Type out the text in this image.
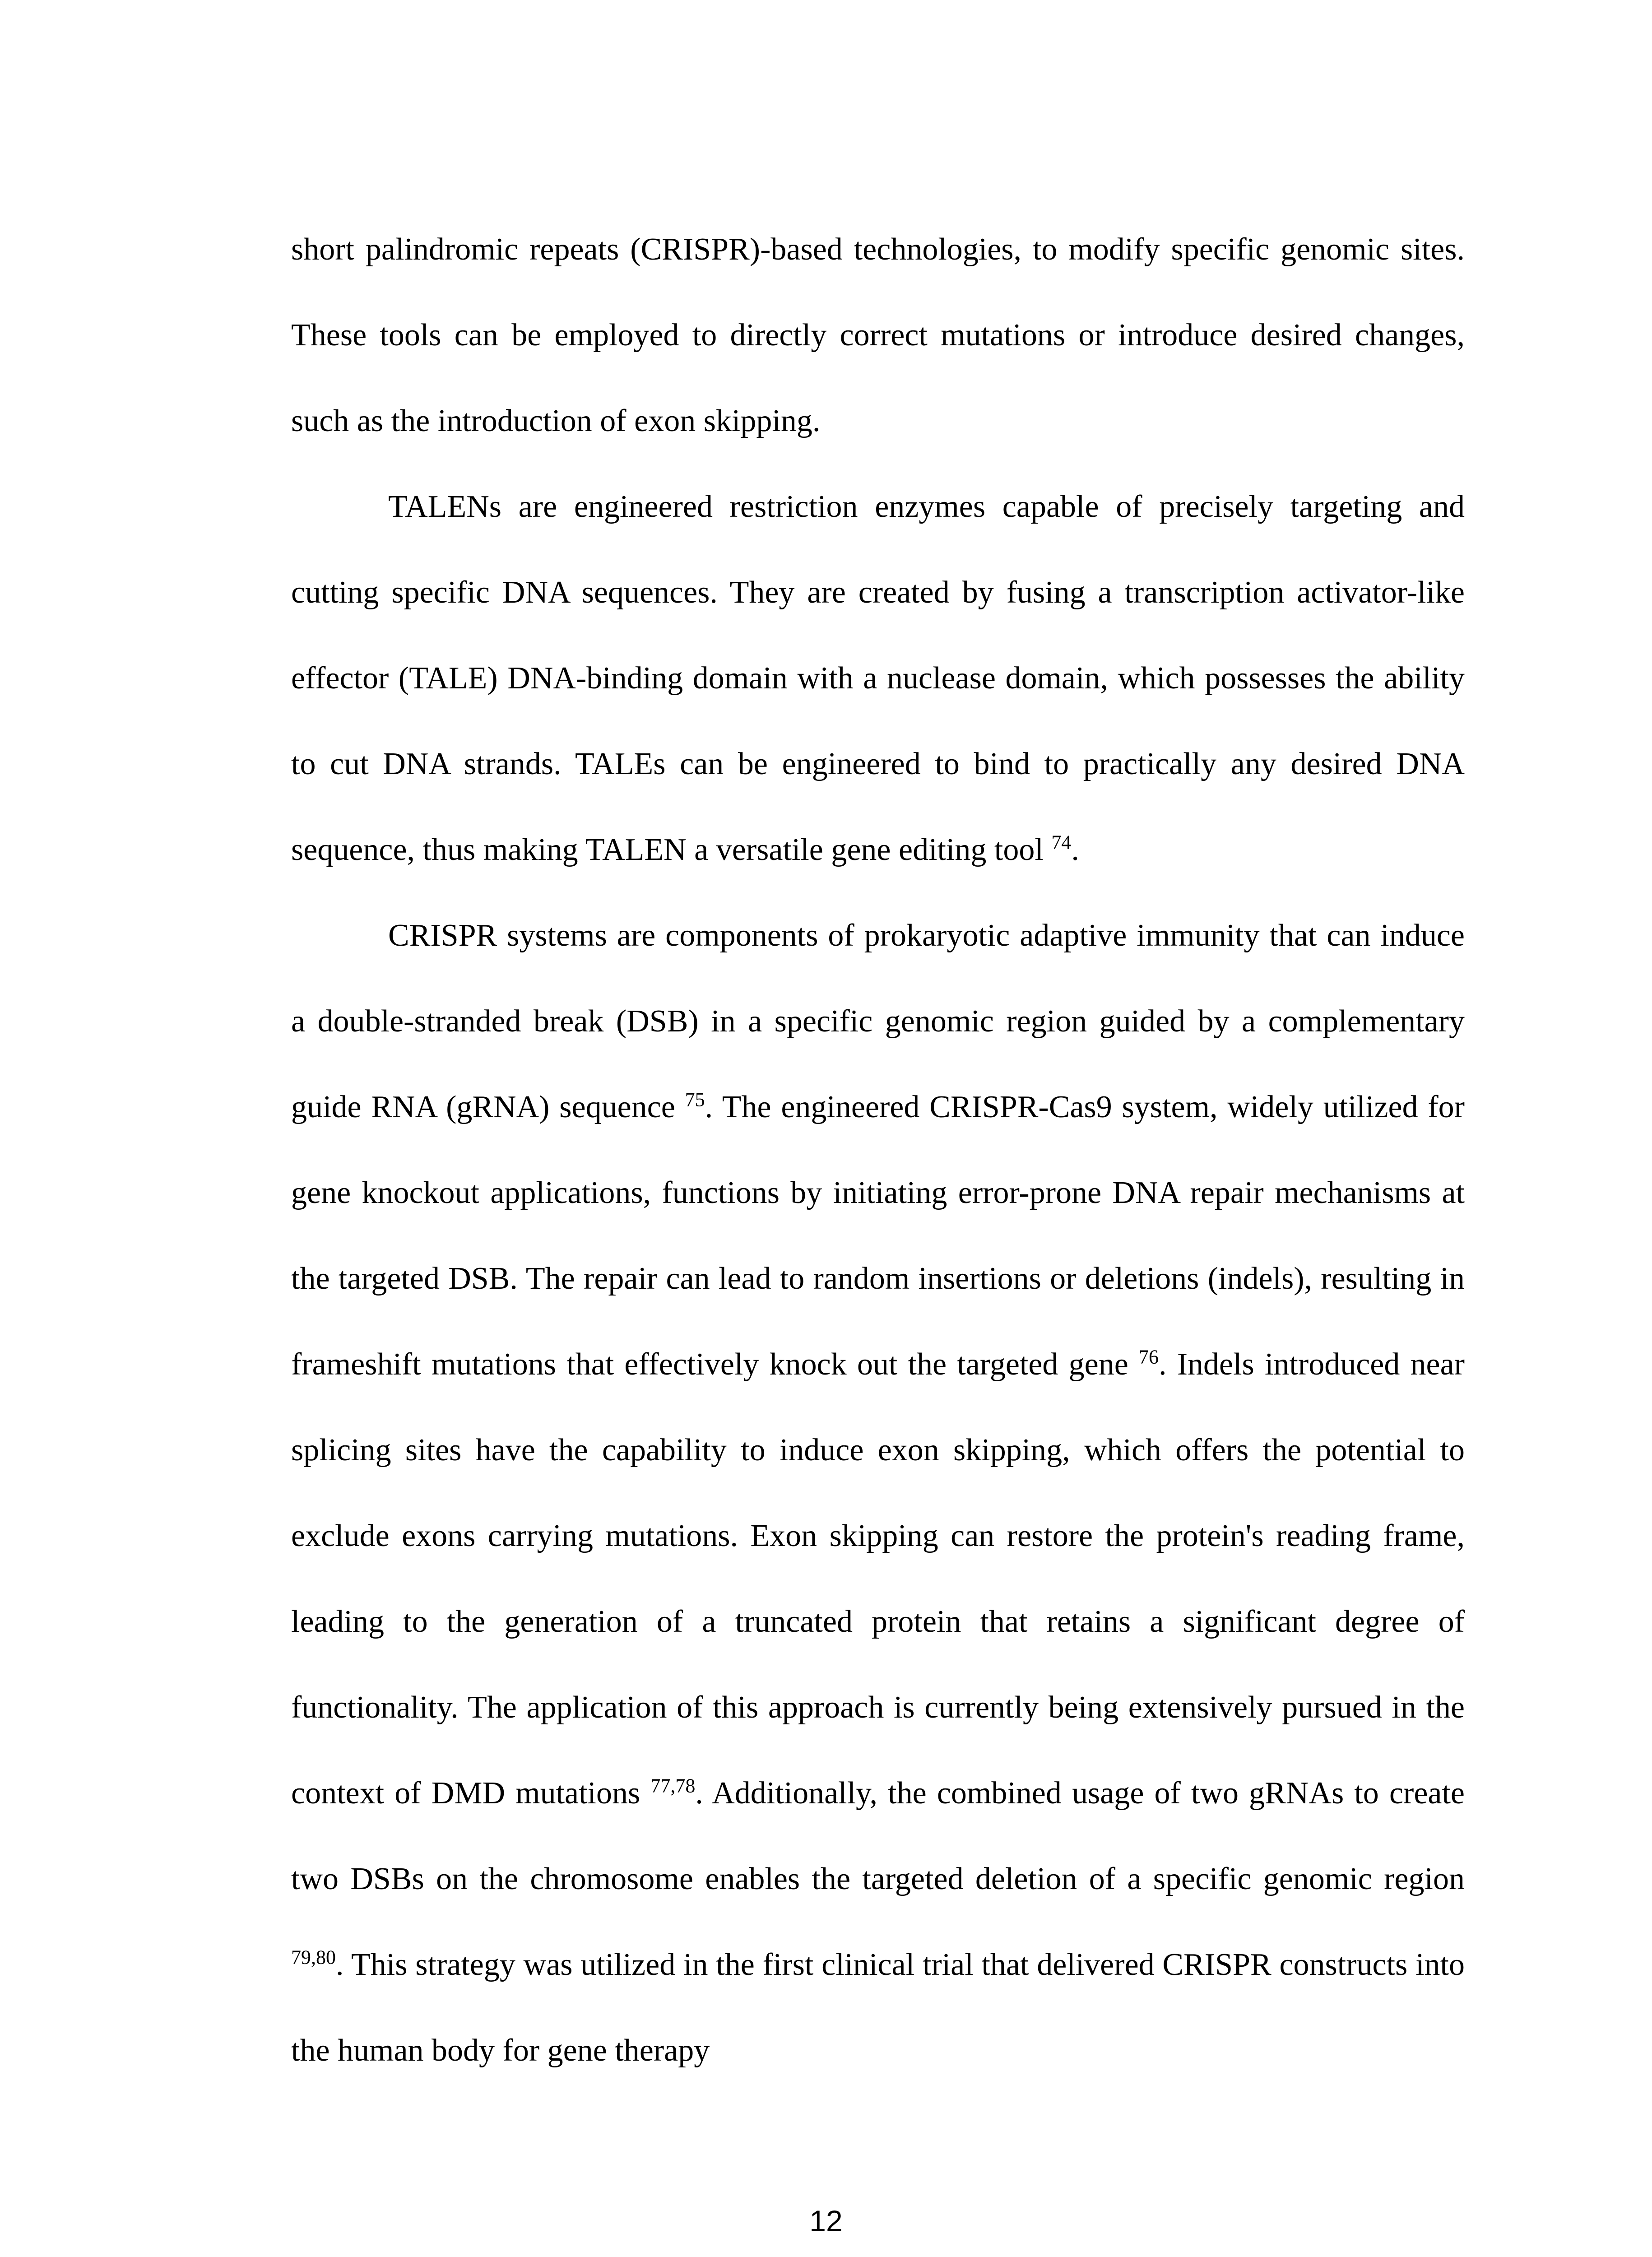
short palindromic repeats (CRISPR)-based technologies, to modify specific genomic sites. These tools can be employed to directly correct mutations or introduce desired changes, such as the introduction of exon skipping.

TALENs are engineered restriction enzymes capable of precisely targeting and cutting specific DNA sequences. They are created by fusing a transcription activator-like effector (TALE) DNA-binding domain with a nuclease domain, which possesses the ability to cut DNA strands. TALEs can be engineered to bind to practically any desired DNA sequence, thus making TALEN a versatile gene editing tool $^{74}$.

CRISPR systems are components of prokaryotic adaptive immunity that can induce a double-stranded break (DSB) in a specific genomic region guided by a complementary guide RNA (gRNA) sequence $^{75}$. The engineered CRISPR-Cas9 system, widely utilized for gene knockout applications, functions by initiating error-prone DNA repair mechanisms at the targeted DSB. The repair can lead to random insertions or deletions (indels), resulting in frameshift mutations that effectively knock out the targeted gene $^{76}$. Indels introduced near splicing sites have the capability to induce exon skipping, which offers the potential to exclude exons carrying mutations. Exon skipping can restore the protein's reading frame, leading to the generation of a truncated protein that retains a significant degree of functionality. The application of this approach is currently being extensively pursued in the context of DMD mutations $^{77,78}$. Additionally, the combined usage of two gRNAs to create two DSBs on the chromosome enables the targeted deletion of a specific genomic region $^{79,80}$. This strategy was utilized in the first clinical trial that delivered CRISPR constructs into the human body for gene therapy

12
